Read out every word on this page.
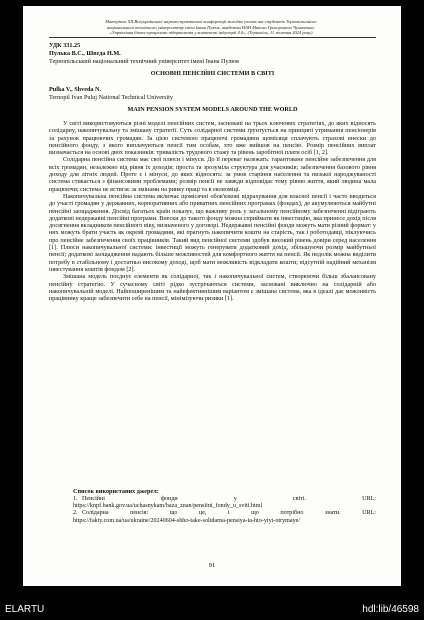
Матеріали XII Всеукраїнської науково-практичної конференції молодих учених та студентів Тернопільського
національного технічного університету імені Івана Пулюя, академіка НАН Миколи Григоровича Чумаченка:
«Управління бізнес-процесами підприємств у контексті індустрії 4.0», (Тернопіль, 11 жовтня 2024 року)
УДК 331.25
Пулька В.С., Шведа Н.М.
Тернопільський національний технічний університет імені Івана Пулюя
ОСНОВНІ ПЕНСІЙНІ СИСТЕМИ В СВІТІ
Pulka V., Shveda N.
Ternopil Ivan Puluj National Technical University
MAIN PENSION SYSTEM MODELS AROUND THE WORLD

У світі використовуються різні моделі пенсійних систем, засновані на трьох ключових стратегіях, до яких відносять солідарну, накопичувальну та змішану стратегії. Суть солідарної системи ґрунтується на принципі утримання пенсіонерів за рахунок працюючих громадян. За цією системою працюючі громадяни щомісяця сплачують страхові внески до пенсійного фонду, з якого виплачуються пенсії тим особам, хто вже вийшов на пенсію. Розмір пенсійних виплат визначається на основі двох показників: тривалість трудового стажу та рівень заробітної плати осіб [1, 2].

Солідарна пенсійна система має свої плюси і мінуси. До її переваг належать: гарантоване пенсійне забезпечення для всіх громадян, незалежно від рівня їх доходів; проста та зрозуміла структура для учасників; забезпечення базового рівня доходу для літніх людей. Проте є і мінуси, до яких відносять: за умов старіння населення та низької народжуваності система стикається з фінансовими проблемами; розмір пенсії не завжди відповідає тому рівню життя, який людина мала працюючи; система не встигає за змінами на ринку праці та в економіці.

Накопичувальна пенсійна система включає щомісячні обов'язкові відрахування для власної пенсії і часто вводиться до участі громадян у державних, корпоративних або приватних пенсійних програмах (фондах), де акумулюються майбутні пенсійні заощадження. Досвід багатьох країн показує, що важливу роль у загальному пенсійному забезпеченні відіграють додаткові недержавні пенсійні програми. Внески до такого фонду можна сприймати як інвестицію, яка принесе дохід після досягнення вкладником пенсійного віку, визначеного у договорі. Недержавні пенсійні фонди можуть мати різний формат: у них можуть брати участь як окремі громадяни, які прагнуть накопичити кошти на старість, так і роботодавці, піклуючись про пенсійне забезпечення своїх працівників. Такий вид пенсійної системи здобув високий рівень довіри серед населення [1]. Плюси накопичувальної системи: інвестиції можуть генерувати додатковий дохід, збільшуючи розмір майбутньої пенсії; додаткові заощадження надають більше можливостей для комфортного життя на пенсії. Як недолік можна виділити потребу в стабільному і достатньо високому доході, щоб мати можливість відкладати кошти; відсутній надійний механізм інвестування коштів фондом [2].

Змішана модель поєднує елементи як солідарної, так і накопичувальної систем, створюючи більш збалансовану пенсійну стратегію. У сучасному світі рідко зустрічаються системи, засновані виключно на солідарній або накопичувальній моделі. Найпоширенішим та найефективнішим варіантом є змішана система, яка в ідеалі дає можливість працівнику краще забезпечити себе на пенсії, мінімізуючи ризики [1].

Список використаних джерел:
1. Пенсійні фонди у світі. URL:
https://knpf.bank.gov.ua/uchasnykam/baza_znan/pensiini_fondy_u_sviti.html
2. Солідарна пенсія: що це, і що потрібно знати. URL:
https://fakty.com.ua/ua/ukraine/20240604-shho-take-solidarna-pensiya-ta-hto-yiyi-otrymaye/
91
ELARTU	hdl:lib/46598
